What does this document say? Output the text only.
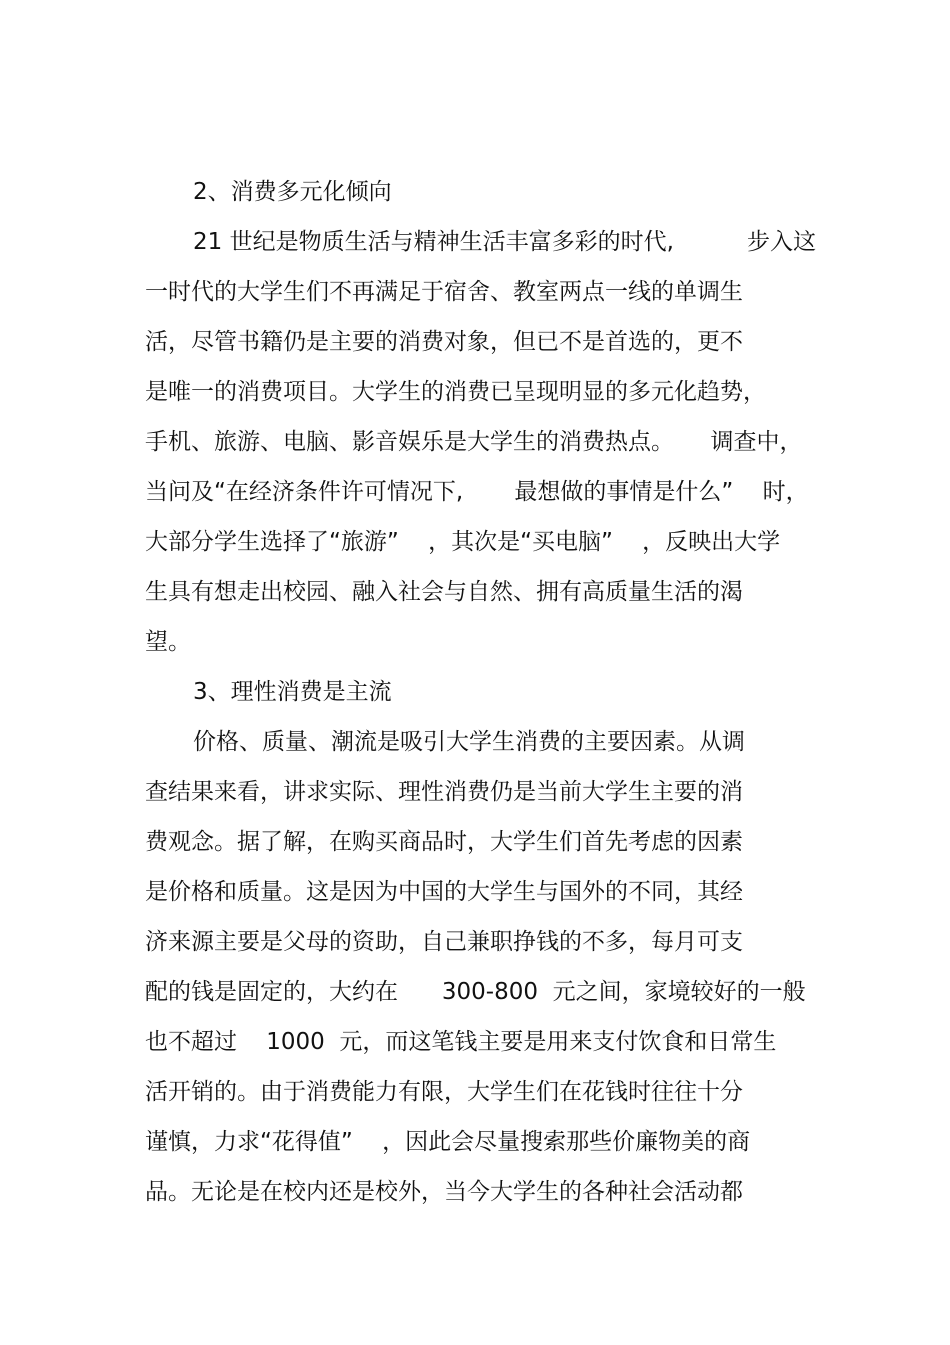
2、消费多元化倾向
21 世纪是物质生活与精神生活丰富多彩的时代,          步入这
一时代的大学生们不再满足于宿舍、教室两点一线的单调生
活，尽管书籍仍是主要的消费对象，但已不是首选的，更不
是唯一的消费项目。大学生的消费已呈现明显的多元化趋势，
手机、旅游、电脑、影音娱乐是大学生的消费热点。     调查中，
当问及“在经济条件许可情况下,       最想做的事情是什么”    时，
大部分学生选择了“旅游”    ，其次是“买电脑”    ，反映出大学
生具有想走出校园、融入社会与自然、拥有高质量生活的渴
望。
3、理性消费是主流
价格、质量、潮流是吸引大学生消费的主要因素。从调
查结果来看，讲求实际、理性消费仍是当前大学生主要的消
费观念。据了解，在购买商品时，大学生们首先考虑的因素
是价格和质量。这是因为中国的大学生与国外的不同，其经
济来源主要是父母的资助，自己兼职挣钱的不多，每月可支
配的钱是固定的，大约在      300-800  元之间，家境较好的一般
也不超过    1000  元，而这笔钱主要是用来支付饮食和日常生
活开销的。由于消费能力有限，大学生们在花钱时往往十分
谨慎，力求“花得值”    ，因此会尽量搜索那些价廉物美的商
品。无论是在校内还是校外，当今大学生的各种社会活动都
